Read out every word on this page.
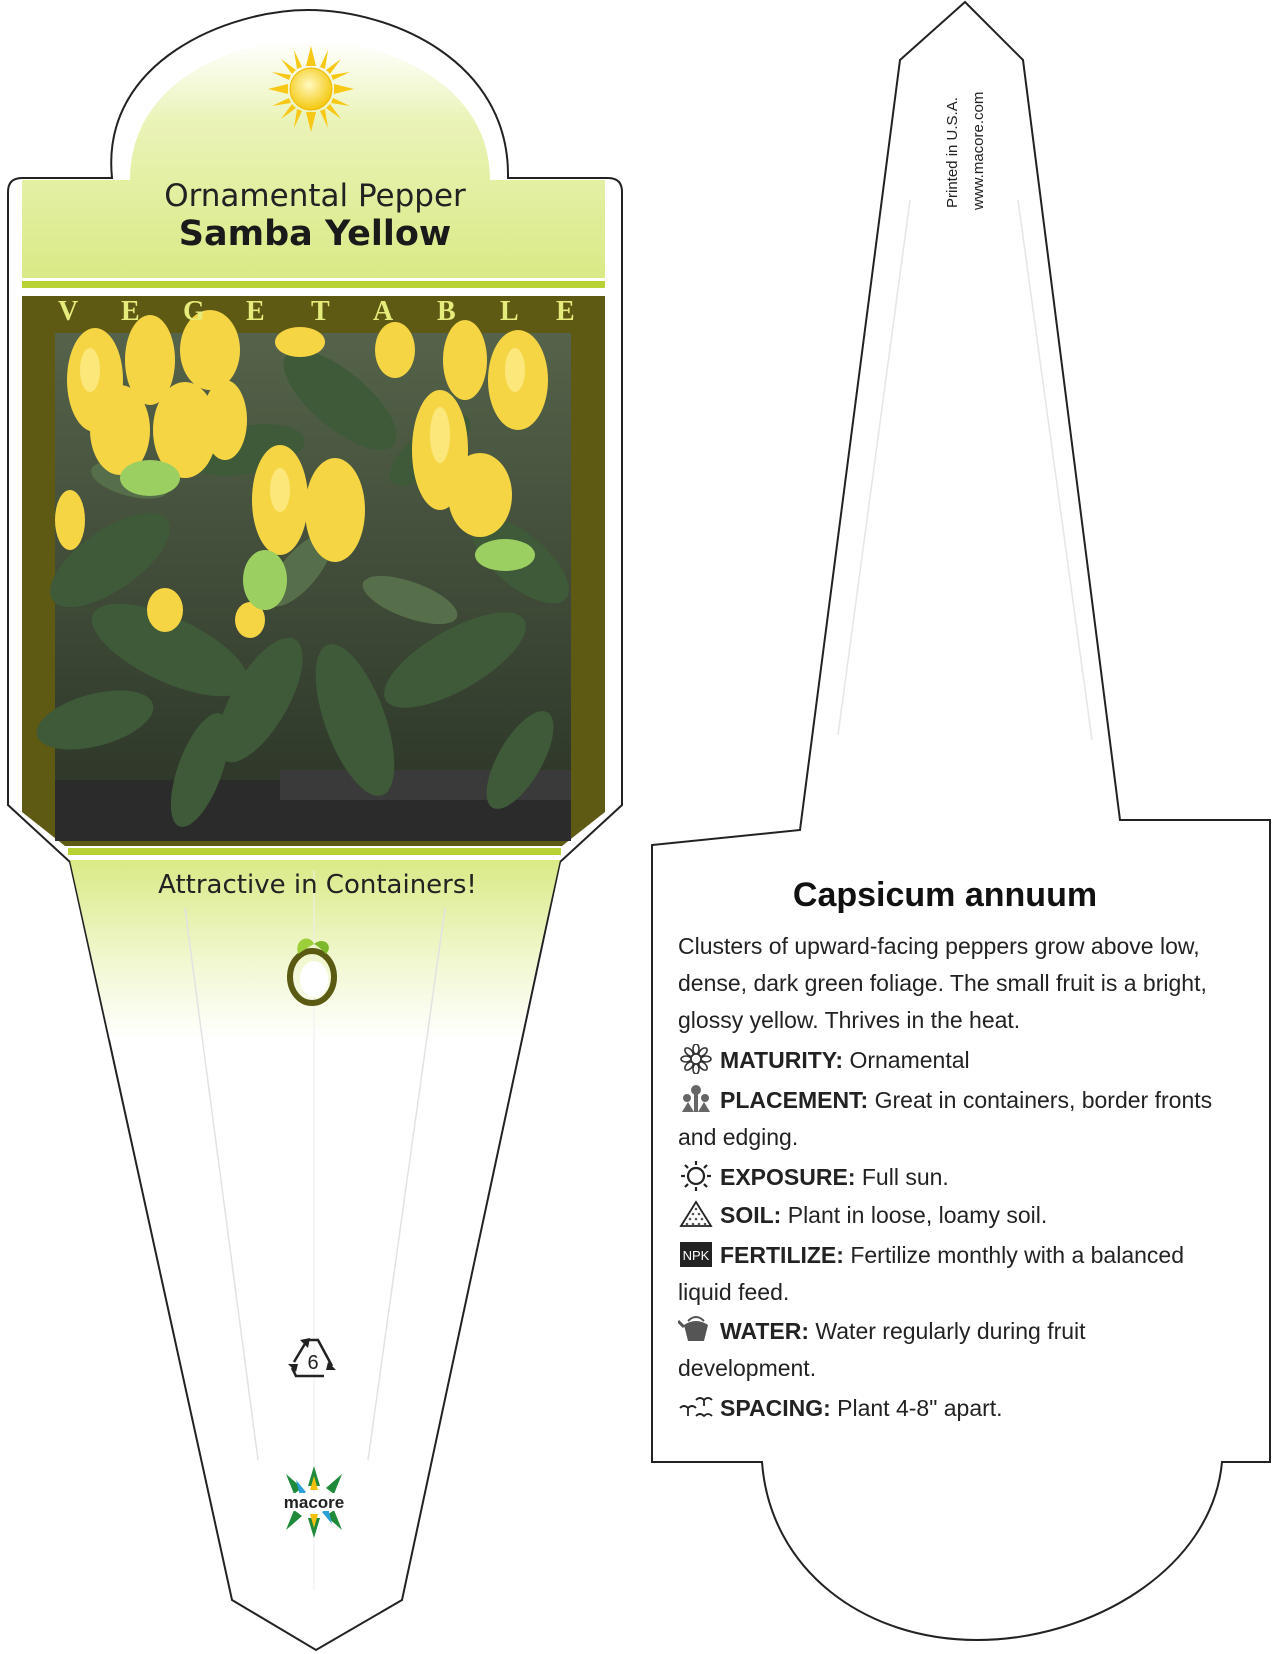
Ornamental Pepper
Samba Yellow
V E G E T A B L E
Attractive in Containers!
6
macore
Printed in U.S.A. www.macore.com
Capsicum annuum
Clusters of upward-facing peppers grow above low, dense, dark green foliage. The small fruit is a bright, glossy yellow. Thrives in the heat.
MATURITY: Ornamental
PLACEMENT: Great in containers, border fronts and edging.
EXPOSURE: Full sun.
SOIL: Plant in loose, loamy soil.
NPK FERTILIZE: Fertilize monthly with a balanced liquid feed.
WATER: Water regularly during fruit development.
SPACING: Plant 4-8" apart.
